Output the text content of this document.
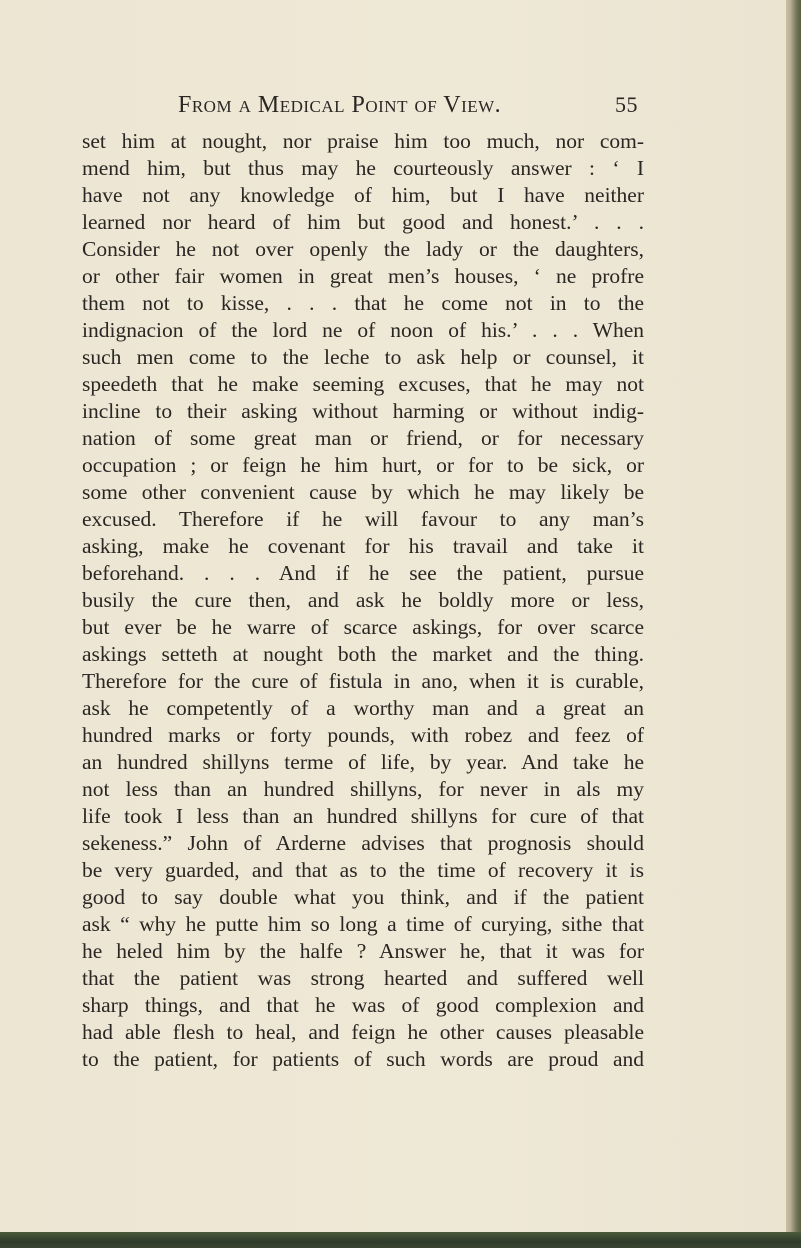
From a Medical Point of View.	55
set him at nought, nor praise him too much, nor com-
mend him, but thus may he courteously answer : ‘ I
have not any knowledge of him, but I have neither
learned nor heard of him but good and honest.’ . . .
Consider he not over openly the lady or the daughters,
or other fair women in great men’s houses, ‘ ne profre
them not to kisse, . . . that he come not in to the
indignacion of the lord ne of noon of his.’ . . . When
such men come to the leche to ask help or counsel, it
speedeth that he make seeming excuses, that he may not
incline to their asking without harming or without indig-
nation of some great man or friend, or for necessary
occupation ; or feign he him hurt, or for to be sick, or
some other convenient cause by which he may likely be
excused. Therefore if he will favour to any man’s
asking, make he covenant for his travail and take it
beforehand. . . . And if he see the patient, pursue
busily the cure then, and ask he boldly more or less,
but ever be he warre of scarce askings, for over scarce
askings setteth at nought both the market and the thing.
Therefore for the cure of fistula in ano, when it is curable,
ask he competently of a worthy man and a great an
hundred marks or forty pounds, with robez and feez of
an hundred shillyns terme of life, by year. And take he
not less than an hundred shillyns, for never in als my
life took I less than an hundred shillyns for cure of that
sekeness.” John of Arderne advises that prognosis should
be very guarded, and that as to the time of recovery it is
good to say double what you think, and if the patient
ask “ why he putte him so long a time of curying, sithe that
he heled him by the halfe ? Answer he, that it was for
that the patient was strong hearted and suffered well
sharp things, and that he was of good complexion and
had able flesh to heal, and feign he other causes pleasable
to the patient, for patients of such words are proud and
